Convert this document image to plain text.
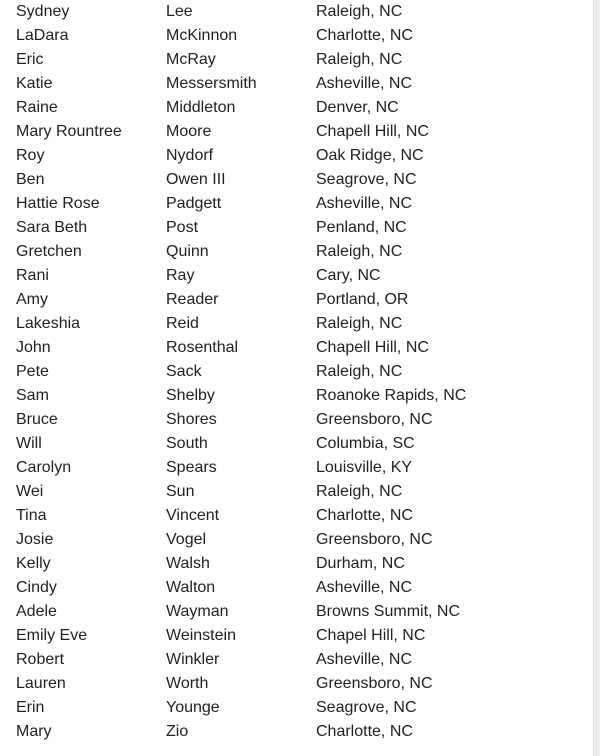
Sydney	Lee	Raleigh, NC
LaDara	McKinnon	Charlotte, NC
Eric	McRay	Raleigh, NC
Katie	Messersmith	Asheville, NC
Raine	Middleton	Denver, NC
Mary Rountree	Moore	Chapell Hill, NC
Roy	Nydorf	Oak Ridge, NC
Ben	Owen III	Seagrove, NC
Hattie Rose	Padgett	Asheville, NC
Sara Beth	Post	Penland, NC
Gretchen	Quinn	Raleigh, NC
Rani	Ray	Cary, NC
Amy	Reader	Portland, OR
Lakeshia	Reid	Raleigh, NC
John	Rosenthal	Chapell Hill, NC
Pete	Sack	Raleigh, NC
Sam	Shelby	Roanoke Rapids, NC
Bruce	Shores	Greensboro, NC
Will	South	Columbia, SC
Carolyn	Spears	Louisville, KY
Wei	Sun	Raleigh, NC
Tina	Vincent	Charlotte, NC
Josie	Vogel	Greensboro, NC
Kelly	Walsh	Durham, NC
Cindy	Walton	Asheville, NC
Adele	Wayman	Browns Summit, NC
Emily Eve	Weinstein	Chapel Hill, NC
Robert	Winkler	Asheville, NC
Lauren	Worth	Greensboro, NC
Erin	Younge	Seagrove, NC
Mary	Zio	Charlotte, NC
